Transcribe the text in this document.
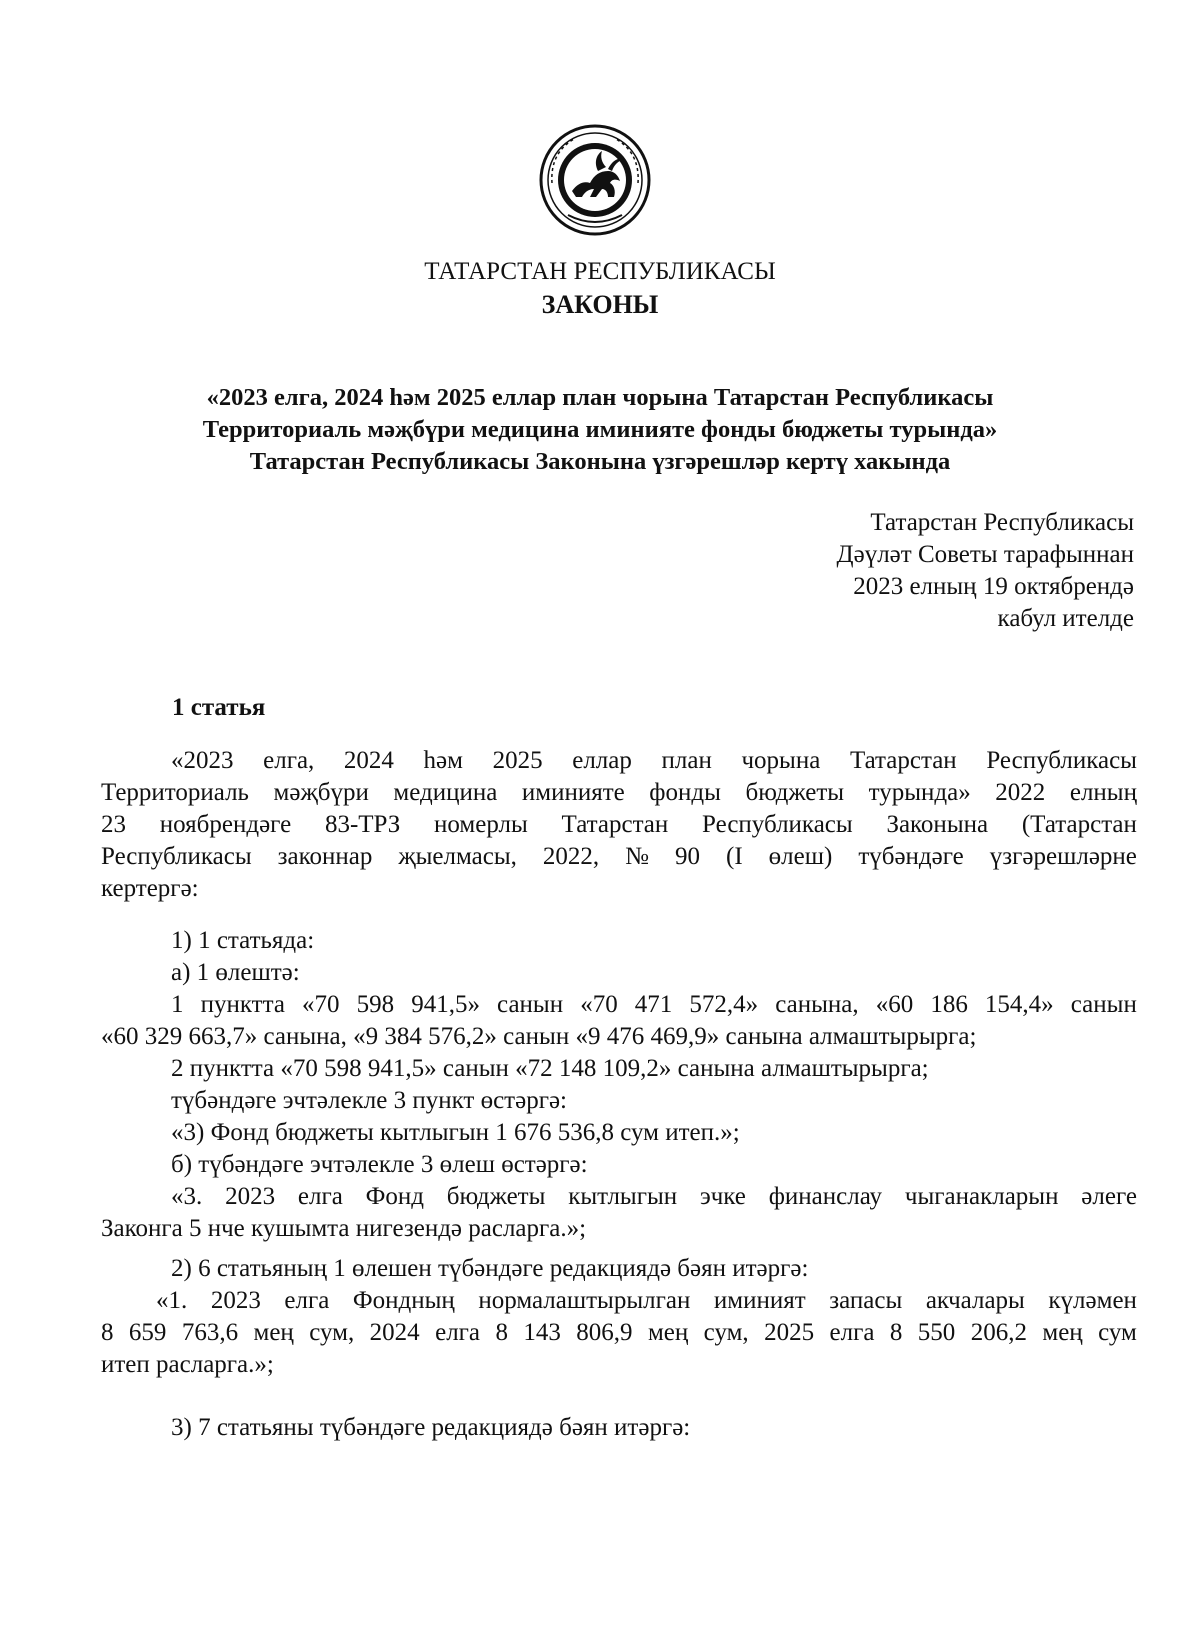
ТАТАРСТАН РЕСПУБЛИКАСЫ
ЗАКОНЫ
«2023 елга, 2024 һәм 2025 еллар план чорына Татарстан Республикасы
Территориаль мәҗбүри медицина иминияте фонды бюджеты турында»
Татарстан Республикасы Законына үзгәрешләр кертү хакында
Татарстан Республикасы
Дәүләт Советы тарафыннан
2023 елның 19 октябрендә
кабул ителде
1 статья
«2023 елга, 2024 һәм 2025 еллар план чорына Татарстан Республикасы
Территориаль мәҗбүри медицина иминияте фонды бюджеты турында» 2022 елның
23 ноябрендәге 83-ТРЗ номерлы Татарстан Республикасы Законына (Татарстан
Республикасы законнар җыелмасы, 2022, № 90 (I өлеш) түбәндәге үзгәрешләрне
кертергә:
1) 1 статьяда:
а) 1 өлештә:
1 пунктта «70 598 941,5» санын «70 471 572,4» санына, «60 186 154,4» санын
«60 329 663,7» санына, «9 384 576,2» санын «9 476 469,9» санына алмаштырырга;
2 пунктта «70 598 941,5» санын «72 148 109,2» санына алмаштырырга;
түбәндәге эчтәлекле 3 пункт өстәргә:
«3) Фонд бюджеты кытлыгын 1 676 536,8 сум итеп.»;
б) түбәндәге эчтәлекле 3 өлеш өстәргә:
«3. 2023 елга Фонд бюджеты кытлыгын эчке финанслау чыганакларын әлеге
Законга 5 нче кушымта нигезендә расларга.»;
2) 6 статьяның 1 өлешен түбәндәге редакциядә бәян итәргә:
«1. 2023 елга Фондның нормалаштырылган иминият запасы акчалары күләмен
8 659 763,6 мең сум, 2024 елга 8 143 806,9 мең сум, 2025 елга 8 550 206,2 мең сум
итеп расларга.»;
3) 7 статьяны түбәндәге редакциядә бәян итәргә:
